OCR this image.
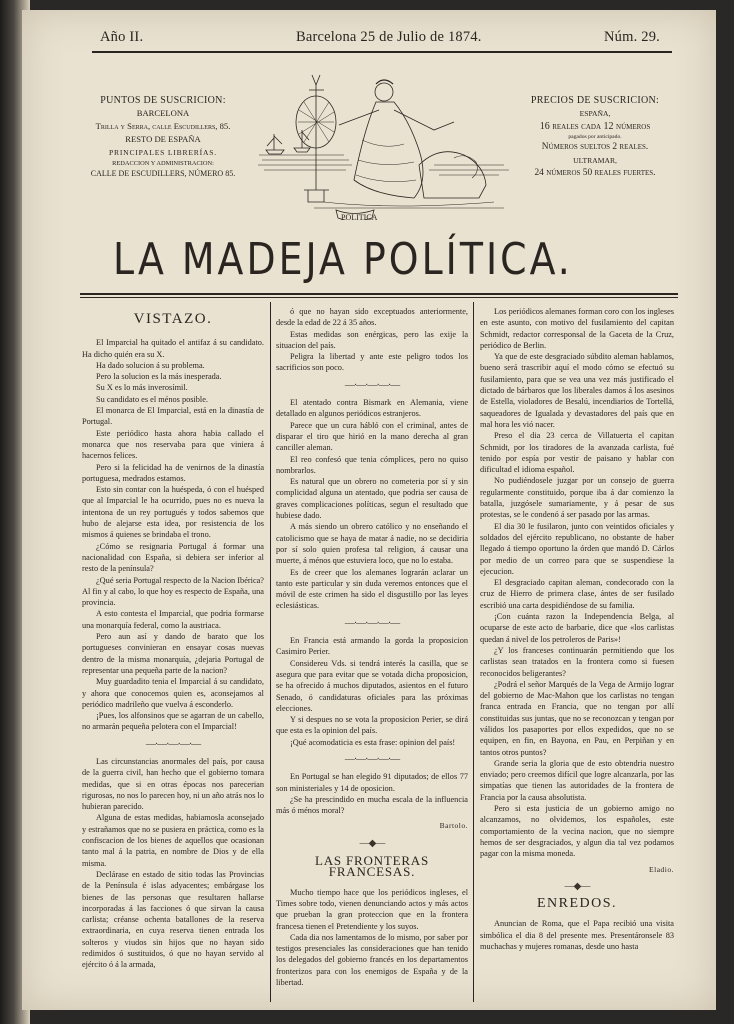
Año II.	Barcelona 25 de Julio de 1874.	Núm. 29.
PUNTOS DE SUSCRICION:
BARCELONA
Trilla y Serra, calle Escudillers, 85.
RESTO DE ESPAÑA
PRINCIPALES LIBRERÍAS.
REDACCION Y ADMINISTRACION:
CALLE DE ESCUDILLERS, NÚMERO 85.
PRECIOS DE SUSCRICION:
ESPAÑA,
16 reales cada 12 números
pagados por anticipado.
Números sueltos 2 reales.
ULTRAMAR,
24 números 50 reales fuertes.
POLITICA
LA MADEJA POLÍTICA.
VISTAZO.

El Imparcial ha quitado el antifaz á su candidato. Ha dicho quién era su X.

Ha dado solucion á su problema.

Pero la solucion es la más inesperada.

Su X es lo más inverosímil.

Su candidato es el ménos posible.

El monarca de El Imparcial, está en la dinastía de Portugal.

Este periódico hasta ahora habia callado el monarca que nos reservaba para que viniera á hacernos felices.

Pero si la felicidad ha de venirnos de la dinastía portuguesa, medrados estamos.

Esto sin contar con la huéspeda, ó con el huésped que al Imparcial le ha ocurrido, pues no es nueva la intentona de un rey portugués y todos sabemos que hubo de alejarse esta idea, por resistencia de los mismos á quienes se brindaba el trono.

¿Cómo se resignaria Portugal á formar una nacionalidad con España, si debiera ser inferior al resto de la península?

¿Qué seria Portugal respecto de la Nacion Ibérica? Al fin y al cabo, lo que hoy es respecto de España, una provincia.

A esto contesta el Imparcial, que podria formarse una monarquía federal, como la austriaca.

Pero aun así y dando de barato que los portugueses convinieran en ensayar cosas nuevas dentro de la misma monarquía, ¿dejaria Portugal de representar una pequeña parte de la nacion?

Muy guardadito tenia el Imparcial á su candidato, y ahora que conocemos quien es, aconsejamos al periódico madrileño que vuelva á esconderlo.

¡Pues, los alfonsinos que se agarran de un cabello, no armarán pequeña pelotera con el Imparcial!

—·—·—·—·—

Las circunstancias anormales del país, por causa de la guerra civil, han hecho que el gobierno tomara medidas, que si en otras épocas nos parecerian rigurosas, no nos lo parecen hoy, ni un año atrás nos lo hubieran parecido.

Alguna de estas medidas, habiamosla aconsejado y estrañamos que no se pusiera en práctica, como es la confiscacion de los bienes de aquellos que ocasionan tanto mal á la patria, en nombre de Dios y de ella misma.

Declárase en estado de sitio todas las Provincias de la Península é islas adyacentes; embárgase los bienes de las personas que resultaren hallarse incorporadas á las facciones ó que sirvan la causa carlista; créanse ochenta batallones de la reserva extraordinaria, en cuya reserva tienen entrada los solteros y viudos sin hijos que no hayan sido redimidos ó sustituidos, ó que no hayan servido al ejército ó á la armada,

ó que no hayan sido exceptuados anteriormente, desde la edad de 22 á 35 años.

Estas medidas son enérgicas, pero las exije la situacion del país.

Peligra la libertad y ante este peligro todos los sacrificios son poco.

—·—·—·—·—

El atentado contra Bismark en Alemania, viene detallado en algunos periódicos estranjeros.

Parece que un cura hábló con el criminal, antes de disparar el tiro que hirió en la mano derecha al gran canciller aleman.

El reo confesó que tenia cómplices, pero no quiso nombrarlos.

Es natural que un obrero no cometeria por sí y sin complicidad alguna un atentado, que podria ser causa de graves complicaciones políticas, segun el resultado que hubiese dado.

A más siendo un obrero católico y no enseñando el catolicismo que se haya de matar á nadie, no se decidiria por sí solo quien profesa tal religion, á causar una muerte, á ménos que estuviera loco, que no lo estaba.

Es de creer que los alemanes lograrán aclarar un tanto este particular y sin duda veremos entonces que el móvil de este crimen ha sido el disgustillo por las leyes eclesiásticas.

—·—·—·—·—

En Francia está armando la gorda la proposicion Casimiro Perier.

Considereu Vds. si tendrá interés la casilla, que se asegura que para evitar que se votada dicha proposicion, se ha ofrecido á muchos diputados, asientos en el futuro Senado, ó candidaturas oficiales para las próximas elecciones.

Y si despues no se vota la proposicion Perier, se dirá que esta es la opinion del país.

¡Qué acomodaticia es esta frase: opinion del país!

—·—·—·—·—

En Portugal se han elegido 91 diputados; de ellos 77 son ministeriales y 14 de oposicion.

¿Se ha prescindido en mucha escala de la influencia más ó ménos moral?

Bartolo.
—◆—
LAS FRONTERAS FRANCESAS.

Mucho tiempo hace que los periódicos ingleses, el Times sobre todo, vienen denunciando actos y más actos que prueban la gran proteccion que en la frontera francesa tienen el Pretendiente y los suyos.

Cada dia nos lamentamos de lo mismo, por saber por testigos presenciales las consideraciones que han tenido los delegados del gobierno francés en los departamentos fronterizos para con los enemigos de España y de la libertad.

Los periódicos alemanes forman coro con los ingleses en este asunto, con motivo del fusilamiento del capitan Schmidt, redactor corresponsal de la Gaceta de la Cruz, periódico de Berlin.

Ya que de este desgraciado súbdito aleman hablamos, bueno será trascribir aquí el modo cómo se efectuó su fusilamiento, para que se vea una vez más justificado el dictado de bárbaros que los liberales damos á los asesinos de Estella, violadores de Besalú, incendiarios de Tortellá, saqueadores de Igualada y devastadores del país que en mal hora les vió nacer.

Preso el dia 23 cerca de Villatuerta el capitan Schmidt, por los tiradores de la avanzada carlista, fué tenido por espía por vestir de paisano y hablar con dificultad el idioma español.

No pudiéndosele juzgar por un consejo de guerra regularmente constituido, porque iba á dar comienzo la batalla, juzgósele sumariamente, y á pesar de sus protestas, se le condenó á ser pasado por las armas.

El dia 30 le fusilaron, junto con veintidos oficiales y soldados del ejército republicano, no obstante de haber llegado á tiempo oportuno la órden que mandó D. Cárlos por medio de un correo para que se suspendiese la ejecucion.

El desgraciado capitan aleman, condecorado con la cruz de Hierro de primera clase, ántes de ser fusilado escribió una carta despidiéndose de su familia.

¡Con cuánta razon la Independencia Belga, al ocuparse de este acto de barbarie, dice que «los carlistas quedan á nivel de los petroleros de Paris»!

¿Y los franceses continuarán permitiendo que los carlistas sean tratados en la frontera como si fuesen reconocidos beligerantes?

¿Podrá el señor Marqués de la Vega de Armijo lograr del gobierno de Mac-Mahon que los carlistas no tengan franca entrada en Francia, que no tengan por allí constituidas sus juntas, que no se reconozcan y tengan por válidos los pasaportes por ellos expedidos, que no se equipen, en fin, en Bayona, en Pau, en Perpiñan y en tantos otros puntos?

Grande seria la gloria que de esto obtendria nuestro enviado; pero creemos difícil que logre alcanzarla, por las simpatías que tienen las autoridades de la frontera de Francia por la causa absolutista.

Pero si esta justicia de un gobierno amigo no alcanzamos, no olvidemos, los españoles, este comportamiento de la vecina nacion, que no siempre hemos de ser desgraciados, y algun dia tal vez podamos pagar con la misma moneda.

Eladio.
—◆—
ENREDOS.

Anuncian de Roma, que el Papa recibió una visita simbólica el dia 8 del presente mes. Presentáronsele 83 muchachas y mujeres romanas, desde uno hasta
